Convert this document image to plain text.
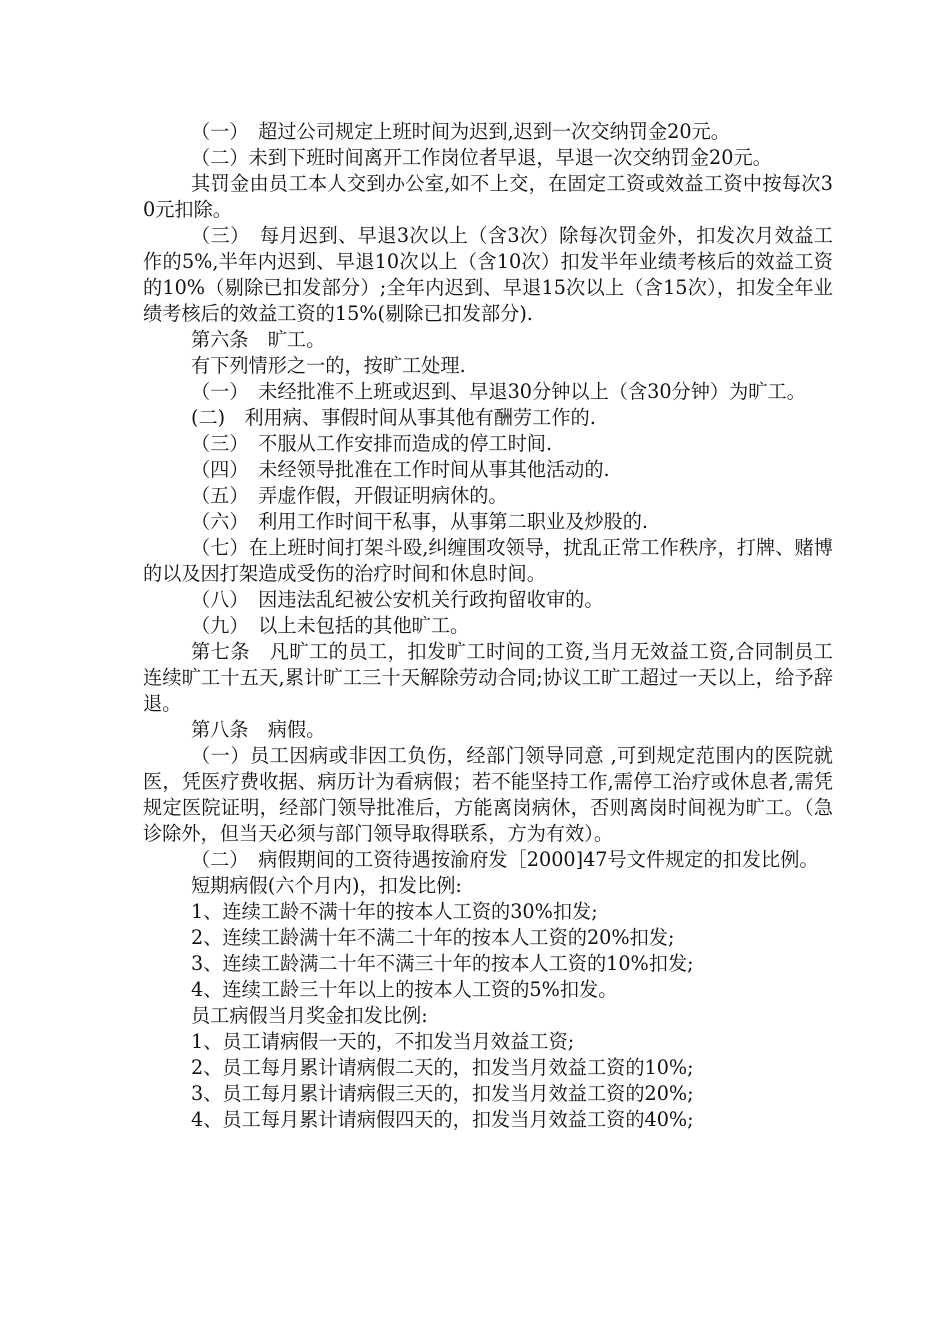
（一）　超过公司规定上班时间为迟到,迟到一次交纳罚金20元。

（二）未到下班时间离开工作岗位者早退，早退一次交纳罚金20元。

其罚金由员工本人交到办公室,如不上交，在固定工资或效益工资中按每次30元扣除。

（三）　每月迟到、早退3次以上（含3次）除每次罚金外，扣发次月效益工作的5%,半年内迟到、早退10次以上（含10次）扣发半年业绩考核后的效益工资的10%（剔除已扣发部分）;全年内迟到、早退15次以上（含15次），扣发全年业绩考核后的效益工资的15%(剔除已扣发部分).

第六条　旷工。

有下列情形之一的，按旷工处理.

（一）　未经批准不上班或迟到、早退30分钟以上（含30分钟）为旷工。

(二)　利用病、事假时间从事其他有酬劳工作的.

（三）　不服从工作安排而造成的停工时间.

（四）　未经领导批准在工作时间从事其他活动的.

（五）　弄虚作假，开假证明病休的。

（六）　利用工作时间干私事，从事第二职业及炒股的.

（七）在上班时间打架斗殴,纠缠围攻领导，扰乱正常工作秩序，打牌、赌博的以及因打架造成受伤的治疗时间和休息时间。

（八）　因违法乱纪被公安机关行政拘留收审的。

（九）　以上未包括的其他旷工。

第七条　凡旷工的员工，扣发旷工时间的工资,当月无效益工资,合同制员工连续旷工十五天,累计旷工三十天解除劳动合同;协议工旷工超过一天以上，给予辞退。

第八条　病假。

（一）员工因病或非因工负伤，经部门领导同意 ,可到规定范围内的医院就医，凭医疗费收据、病历计为看病假；若不能坚持工作,需停工治疗或休息者,需凭规定医院证明，经部门领导批准后，方能离岗病休，否则离岗时间视为旷工。（急诊除外，但当天必须与部门领导取得联系，方为有效）。

（二）　病假期间的工资待遇按渝府发［2000]47号文件规定的扣发比例。

短期病假(六个月内)，扣发比例:

1、连续工龄不满十年的按本人工资的30%扣发;

2、连续工龄满十年不满二十年的按本人工资的20%扣发;

3、连续工龄满二十年不满三十年的按本人工资的10%扣发;

4、连续工龄三十年以上的按本人工资的5%扣发。

员工病假当月奖金扣发比例:

1、员工请病假一天的，不扣发当月效益工资;

2、员工每月累计请病假二天的，扣发当月效益工资的10%;

3、员工每月累计请病假三天的，扣发当月效益工资的20%;

4、员工每月累计请病假四天的，扣发当月效益工资的40%;
